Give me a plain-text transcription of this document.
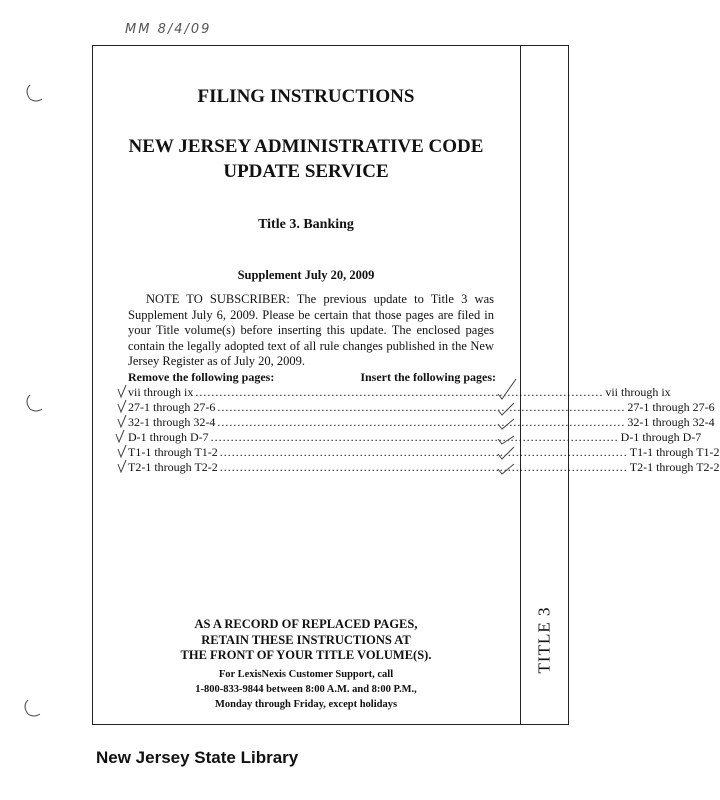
MM 8/4/09
TITLE 3
FILING INSTRUCTIONS
NEW JERSEY ADMINISTRATIVE CODE
UPDATE SERVICE
Title 3. Banking
Supplement July 20, 2009
NOTE TO SUBSCRIBER: The previous update to Title 3 was Supplement July 6, 2009. Please be certain that those pages are filed in your Title volume(s) before inserting this update. The enclosed pages contain the legally adopted text of all rule changes published in the New Jersey Register as of July 20, 2009.
Remove the following pages:	Insert the following pages:
vii through ix ...................................................................................................... vii through ix
27-1 through 27-6 ...................................................................................................... 27-1 through 27-6
32-1 through 32-4 ...................................................................................................... 32-1 through 32-4
D-1 through D-7 ...................................................................................................... D-1 through D-7
T1-1 through T1-2 ...................................................................................................... T1-1 through T1-2
T2-1 through T2-2 ...................................................................................................... T2-1 through T2-2
AS A RECORD OF REPLACED PAGES,
RETAIN THESE INSTRUCTIONS AT
THE FRONT OF YOUR TITLE VOLUME(S).
For LexisNexis Customer Support, call
1-800-833-9844 between 8:00 A.M. and 8:00 P.M.,
Monday through Friday, except holidays
New Jersey State Library
